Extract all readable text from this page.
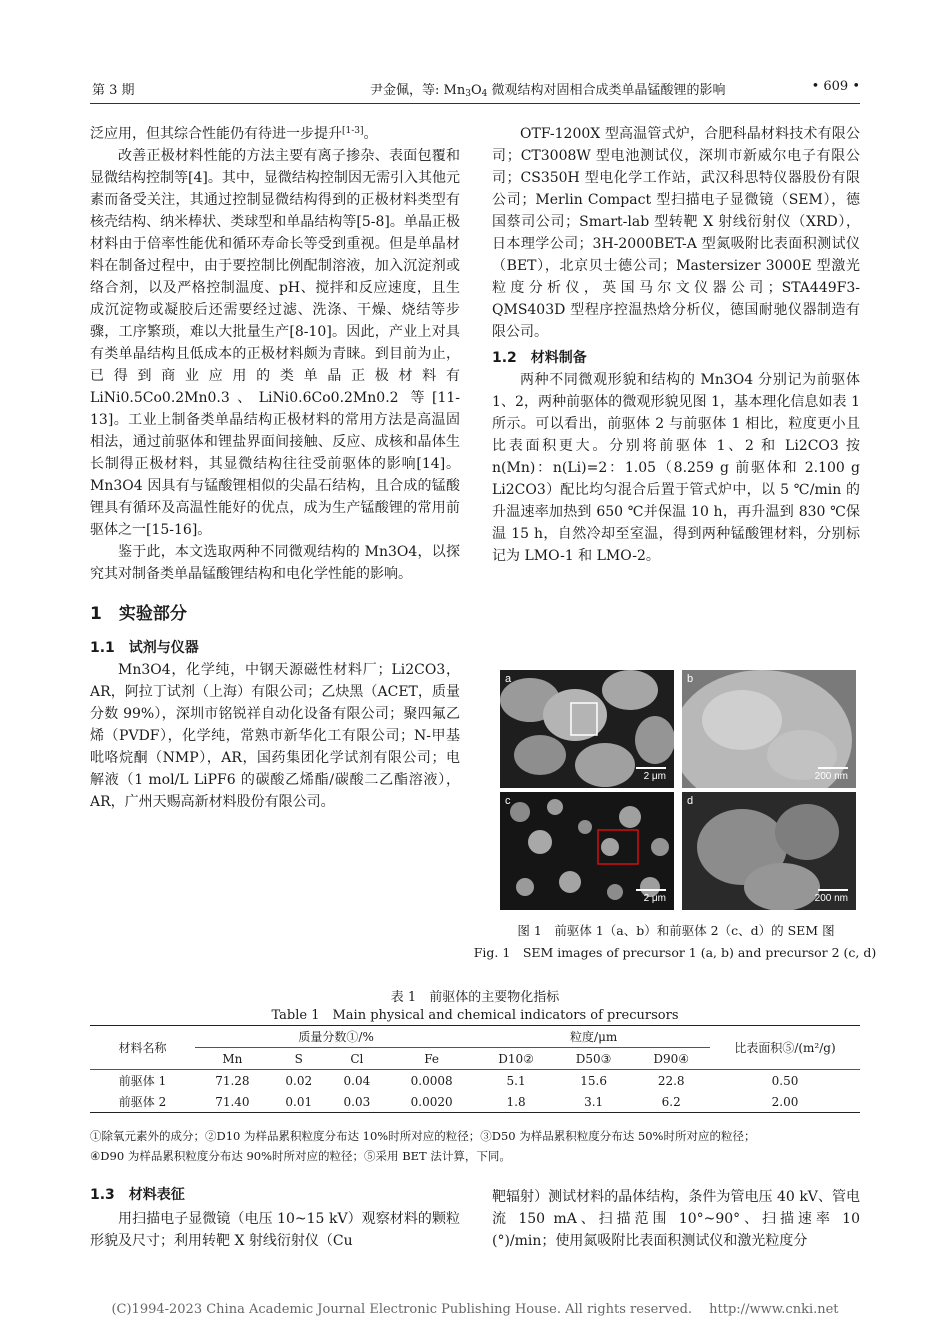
第 3 期	尹金佩，等: $Mn_3O_4$ 微观结构对固相合成类单晶锰酸锂的影响	• 609 •

泛应用，但其综合性能仍有待进一步提升[1-3]。

改善正极材料性能的方法主要有离子掺杂、表面包覆和显微结构控制等[4]。其中，显微结构控制因无需引入其他元素而备受关注，其通过控制显微结构得到的正极材料类型有核壳结构、纳米棒状、类球型和单晶结构等[5-8]。单晶正极材料由于倍率性能优和循环寿命长等受到重视。但是单晶材料在制备过程中，由于要控制比例配制溶液，加入沉淀剂或络合剂，以及严格控制温度、pH、搅拌和反应速度，且生成沉淀物或凝胶后还需要经过滤、洗涤、干燥、烧结等步骤，工序繁琐，难以大批量生产[8-10]。因此，产业上对具有类单晶结构且低成本的正极材料颇为青睐。到目前为止，已得到商业应用的类单晶正极材料有 LiNi0.5Co0.2Mn0.3、LiNi0.6Co0.2Mn0.2 等[11-13]。工业上制备类单晶结构正极材料的常用方法是高温固相法，通过前驱体和锂盐界面间接触、反应、成核和晶体生长制得正极材料，其显微结构往往受前驱体的影响[14]。Mn3O4 因具有与锰酸锂相似的尖晶石结构，且合成的锰酸锂具有循环及高温性能好的优点，成为生产锰酸锂的常用前驱体之一[15-16]。

鉴于此，本文选取两种不同微观结构的 Mn3O4，以探究其对制备类单晶锰酸锂结构和电化学性能的影响。

1　实验部分
1.1　试剂与仪器

Mn3O4，化学纯，中钢天源磁性材料厂；Li2CO3，AR，阿拉丁试剂（上海）有限公司；乙炔黑（ACET，质量分数 99%），深圳市铭锐祥自动化设备有限公司；聚四氟乙烯（PVDF），化学纯，常熟市新华化工有限公司；N-甲基吡咯烷酮（NMP），AR，国药集团化学试剂有限公司；电解液（1 mol/L LiPF6 的碳酸乙烯酯/碳酸二乙酯溶液），AR，广州天赐高新材料股份有限公司。

OTF-1200X 型高温管式炉，合肥科晶材料技术有限公司；CT3008W 型电池测试仪，深圳市新威尔电子有限公司；CS350H 型电化学工作站，武汉科思特仪器股份有限公司；Merlin Compact 型扫描电子显微镜（SEM），德国蔡司公司；Smart-lab 型转靶 X 射线衍射仪（XRD），日本理学公司；3H-2000BET-A 型氮吸附比表面积测试仪（BET），北京贝士德公司；Mastersizer 3000E 型激光粒度分析仪，英国马尔文仪器公司；STA449F3-QMS403D 型程序控温热焓分析仪，德国耐驰仪器制造有限公司。

1.2　材料制备

两种不同微观形貌和结构的 Mn3O4 分别记为前驱体 1、2，两种前驱体的微观形貌见图 1，基本理化信息如表 1 所示。可以看出，前驱体 2 与前驱体 1 相比，粒度更小且比表面积更大。分别将前驱体 1、2 和 Li2CO3 按 n(Mn)：n(Li)=2：1.05（8.259 g 前驱体和 2.100 g Li2CO3）配比均匀混合后置于管式炉中，以 5 ℃/min 的升温速率加热到 650 ℃并保温 10 h，再升温到 830 ℃保温 15 h，自然冷却至室温，得到两种锰酸锂材料，分别标记为 LMO-1 和 LMO-2。

a
2 μm
b
200 nm
c
2 μm
d
200 nm
图 1　前驱体 1（a、b）和前驱体 2（c、d）的 SEM 图
Fig. 1　SEM images of precursor 1 (a, b) and precursor 2 (c, d)
表 1　前驱体的主要物化指标
Table 1　Main physical and chemical indicators of precursors
材料名称	质量分数①/%				粒度/μm			比表面积⑤/(m²/g)
	Mn	S	Cl	Fe	D10②	D50③	D90④	
前驱体 1	71.28	0.02	0.04	0.0008	5.1	15.6	22.8	0.50
前驱体 2	71.40	0.01	0.03	0.0020	1.8	3.1	6.2	2.00
①除氧元素外的成分；②D10 为样品累积粒度分布达 10%时所对应的粒径；③D50 为样品累积粒度分布达 50%时所对应的粒径；
④D90 为样品累积粒度分布达 90%时所对应的粒径；⑤采用 BET 法计算，下同。
1.3　材料表征

用扫描电子显微镜（电压 10~15 kV）观察材料的颗粒形貌及尺寸；利用转靶 X 射线衍射仪（Cu

靶辐射）测试材料的晶体结构，条件为管电压 40 kV、管电流 150 mA、扫描范围 10°~90°、扫描速率 10 (°)/min；使用氮吸附比表面积测试仪和激光粒度分

(C)1994-2023 China Academic Journal Electronic Publishing House. All rights reserved.　 http://www.cnki.net
